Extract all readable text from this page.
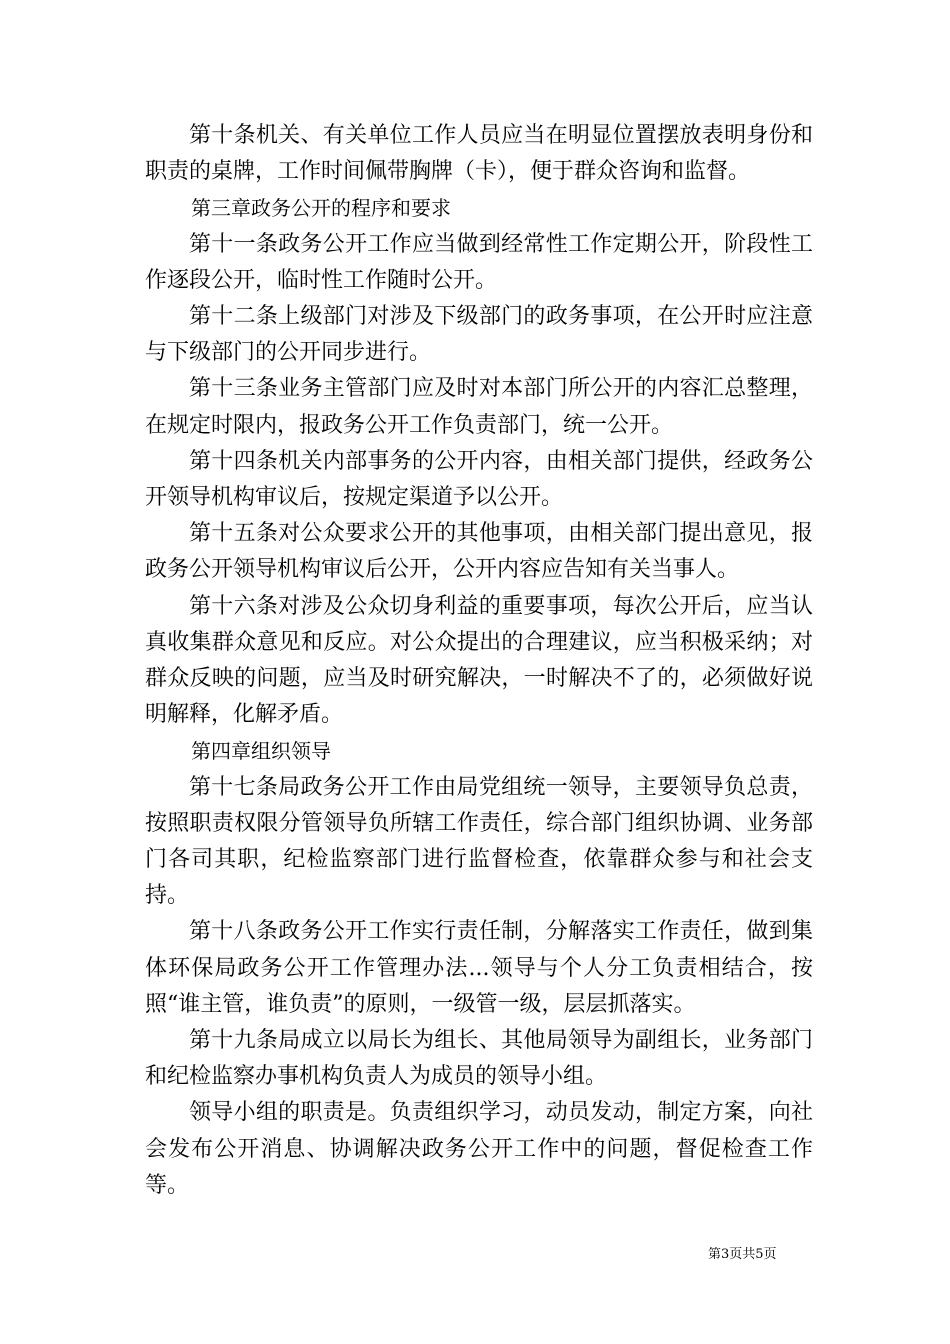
第十条机关、有关单位工作人员应当在明显位置摆放表明身份和职责的桌牌，工作时间佩带胸牌（卡），便于群众咨询和监督。

第三章政务公开的程序和要求

第十一条政务公开工作应当做到经常性工作定期公开，阶段性工作逐段公开，临时性工作随时公开。

第十二条上级部门对涉及下级部门的政务事项，在公开时应注意与下级部门的公开同步进行。

第十三条业务主管部门应及时对本部门所公开的内容汇总整理，在规定时限内，报政务公开工作负责部门，统一公开。

第十四条机关内部事务的公开内容，由相关部门提供，经政务公开领导机构审议后，按规定渠道予以公开。

第十五条对公众要求公开的其他事项，由相关部门提出意见，报政务公开领导机构审议后公开，公开内容应告知有关当事人。

第十六条对涉及公众切身利益的重要事项，每次公开后，应当认真收集群众意见和反应。对公众提出的合理建议，应当积极采纳；对群众反映的问题，应当及时研究解决，一时解决不了的，必须做好说明解释，化解矛盾。

第四章组织领导

第十七条局政务公开工作由局党组统一领导，主要领导负总责，按照职责权限分管领导负所辖工作责任，综合部门组织协调、业务部门各司其职，纪检监察部门进行监督检查，依靠群众参与和社会支持。

第十八条政务公开工作实行责任制，分解落实工作责任，做到集体环保局政务公开工作管理办法...领导与个人分工负责相结合，按照“谁主管，谁负责”的原则，一级管一级，层层抓落实。

第十九条局成立以局长为组长、其他局领导为副组长，业务部门和纪检监察办事机构负责人为成员的领导小组。

领导小组的职责是。负责组织学习，动员发动，制定方案，向社会发布公开消息、协调解决政务公开工作中的问题，督促检查工作等。

第3页共5页
